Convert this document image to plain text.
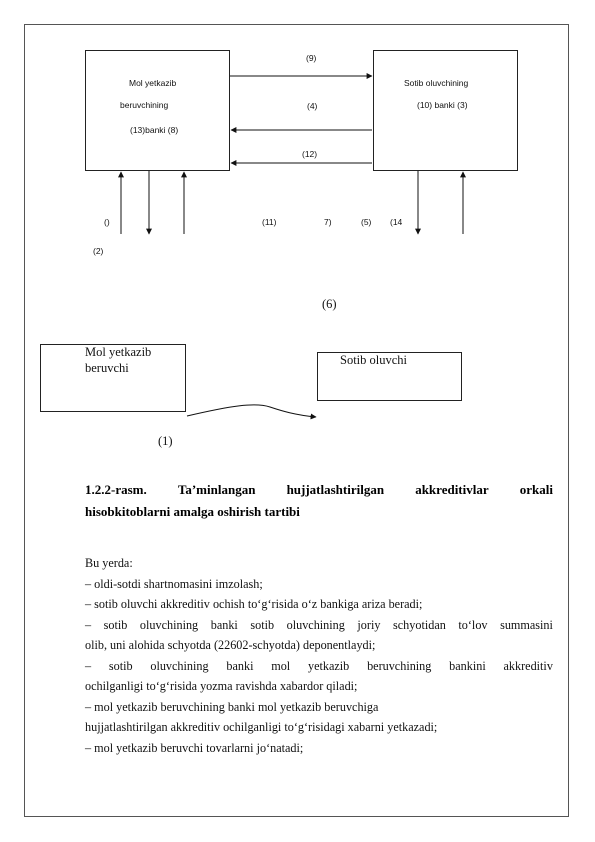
Mol yetkazib
beruvchining
(13)banki (8)
Sotib oluvchining
(10) banki (3)
(9)
(4)
(12)
()
(2)
(11)	7)	(5) (14
(6)
Mol yetkazib
beruvchi
Sotib oluvchi
(1)
1.2.2-rasm. Ta’minlangan hujjatlashtirilgan akkreditivlar orkali
hisobkitoblarni amalga oshirish tartibi
Bu yerda:
– oldi-sotdi shartnomasini imzolash;
– sotib oluvchi akkreditiv ochish to‘g‘risida o‘z bankiga ariza beradi;
– sotib oluvchining banki sotib oluvchining joriy schyotidan to‘lov summasini
olib, uni alohida schyotda (22602-schyotda) deponentlaydi;
– sotib oluvchining banki mol yetkazib beruvchining bankini akkreditiv
ochilganligi to‘g‘risida yozma ravishda xabardor qiladi;
– mol yetkazib beruvchining banki mol yetkazib beruvchiga
hujjatlashtirilgan akkreditiv ochilganligi to‘g‘risidagi xabarni yetkazadi;
– mol yetkazib beruvchi tovarlarni jo‘natadi;
